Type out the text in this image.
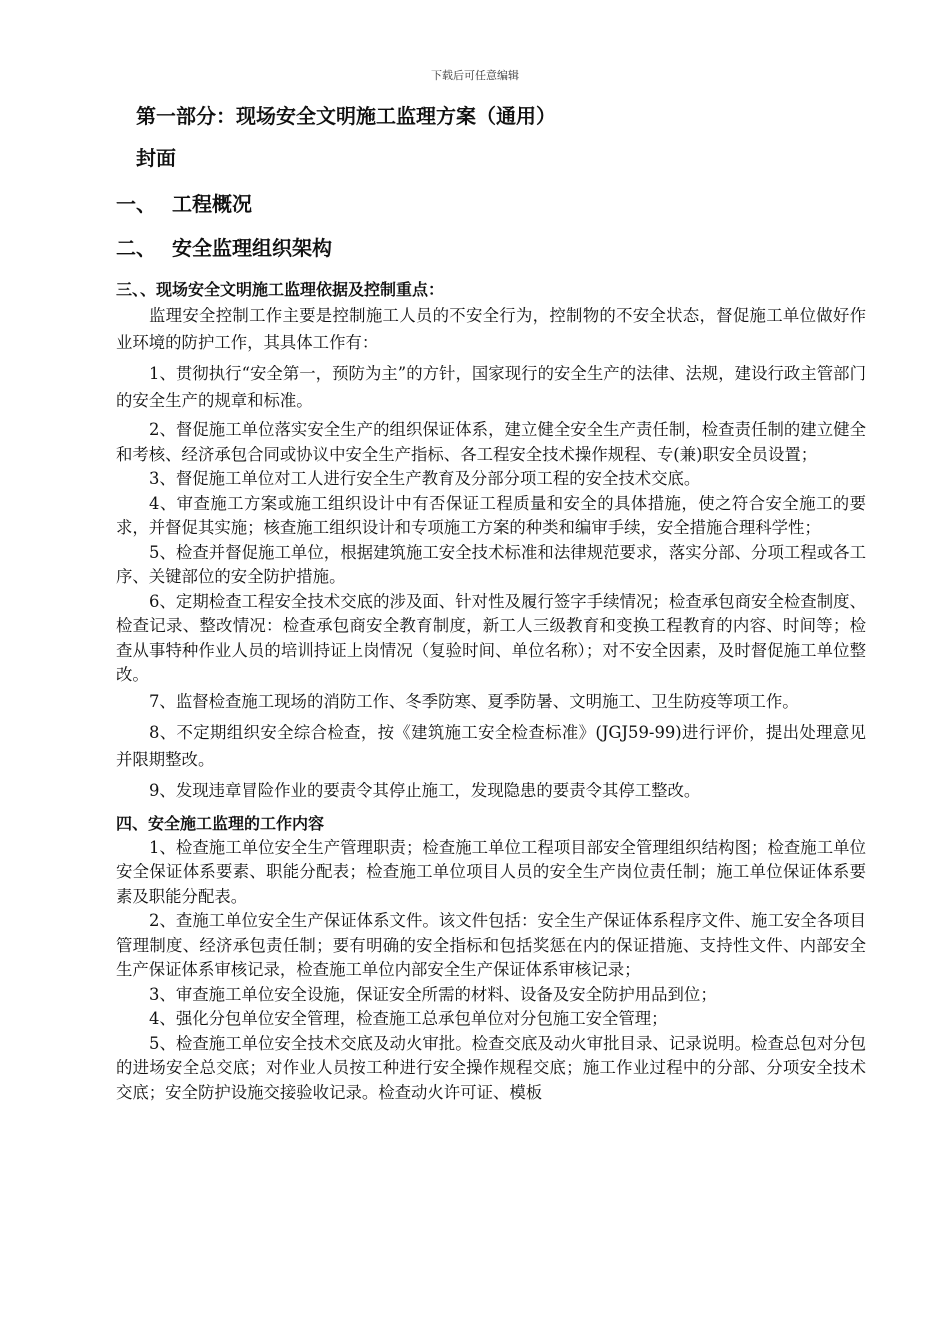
下载后可任意编辑
第一部分：现场安全文明施工监理方案（通用）
封面
一、 工程概况
二、 安全监理组织架构
三、、现场安全文明施工监理依据及控制重点：

监理安全控制工作主要是控制施工人员的不安全行为，控制物的不安全状态，督促施工单位做好作业环境的防护工作，其具体工作有：

1、贯彻执行“安全第一，预防为主”的方针，国家现行的安全生产的法律、法规，建设行政主管部门的安全生产的规章和标准。

2、督促施工单位落实安全生产的组织保证体系，建立健全安全生产责任制，检查责任制的建立健全和考核、经济承包合同或协议中安全生产指标、各工程安全技术操作规程、专(兼)职安全员设置；

3、督促施工单位对工人进行安全生产教育及分部分项工程的安全技术交底。

4、审查施工方案或施工组织设计中有否保证工程质量和安全的具体措施，使之符合安全施工的要求，并督促其实施；核查施工组织设计和专项施工方案的种类和编审手续，安全措施合理科学性；

5、检查并督促施工单位，根据建筑施工安全技术标准和法律规范要求，落实分部、分项工程或各工序、关键部位的安全防护措施。

6、定期检查工程安全技术交底的涉及面、针对性及履行签字手续情况；检查承包商安全检查制度、检查记录、整改情况：检查承包商安全教育制度，新工人三级教育和变换工程教育的内容、时间等；检查从事特种作业人员的培训持证上岗情况（复验时间、单位名称）；对不安全因素，及时督促施工单位整改。

7、监督检查施工现场的消防工作、冬季防寒、夏季防暑、文明施工、卫生防疫等项工作。

8、不定期组织安全综合检查，按《建筑施工安全检查标准》(JGJ59-99)进行评价，提出处理意见并限期整改。

9、发现违章冒险作业的要责令其停止施工，发现隐患的要责令其停工整改。

四、安全施工监理的工作内容

1、检查施工单位安全生产管理职责；检查施工单位工程项目部安全管理组织结构图；检查施工单位安全保证体系要素、职能分配表；检查施工单位项目人员的安全生产岗位责任制；施工单位保证体系要素及职能分配表。

2、查施工单位安全生产保证体系文件。该文件包括：安全生产保证体系程序文件、施工安全各项目管理制度、经济承包责任制；要有明确的安全指标和包括奖惩在内的保证措施、支持性文件、内部安全生产保证体系审核记录，检查施工单位内部安全生产保证体系审核记录；

3、审查施工单位安全设施，保证安全所需的材料、设备及安全防护用品到位；

4、强化分包单位安全管理，检查施工总承包单位对分包施工安全管理；

5、检查施工单位安全技术交底及动火审批。检查交底及动火审批目录、记录说明。检查总包对分包的进场安全总交底；对作业人员按工种进行安全操作规程交底；施工作业过程中的分部、分项安全技术交底；安全防护设施交接验收记录。检查动火许可证、模板
